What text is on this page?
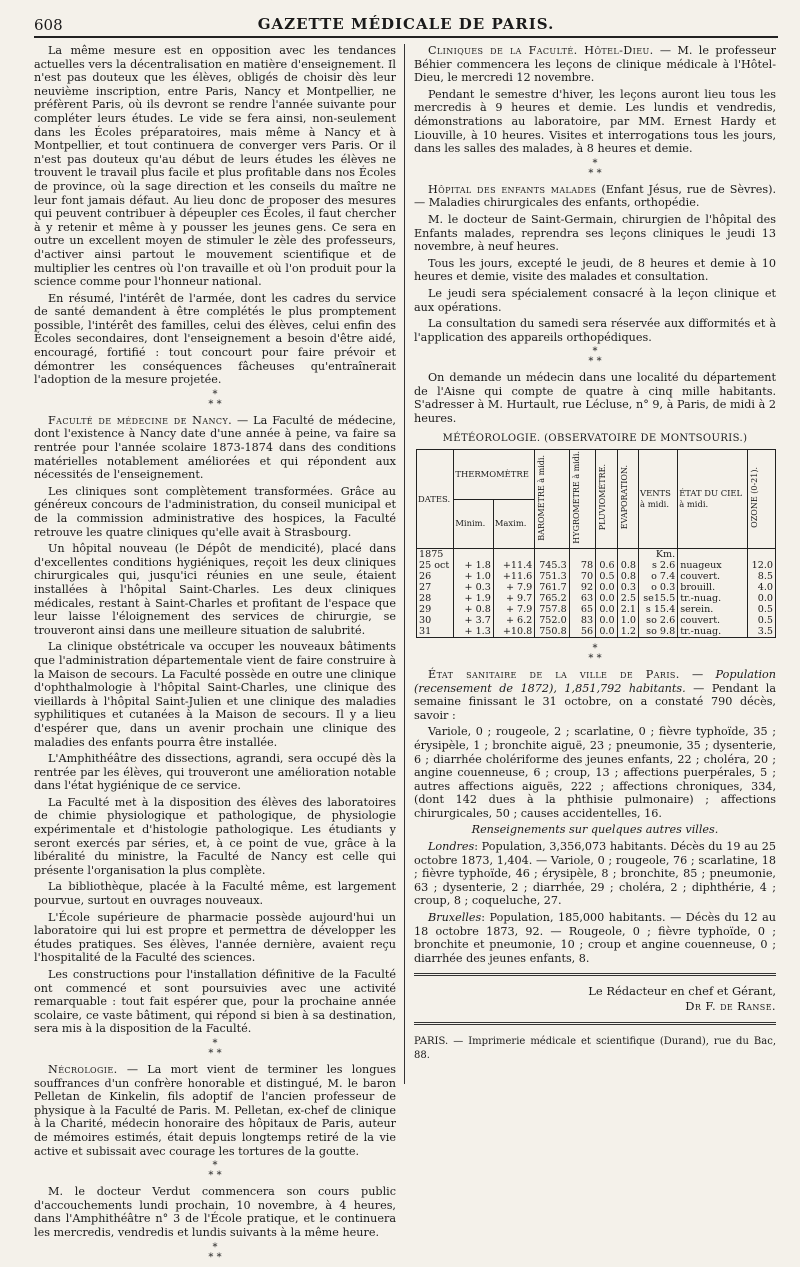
608	GAZETTE MÉDICALE DE PARIS.

La même mesure est en opposition avec les tendances actuelles vers la décentralisation en matière d'enseignement. Il n'est pas douteux que les élèves, obligés de choisir dès leur neuvième inscription, entre Paris, Nancy et Montpellier, ne préfèrent Paris, où ils devront se rendre l'année suivante pour compléter leurs études. Le vide se fera ainsi, non-seulement dans les Écoles préparatoires, mais même à Nancy et à Montpellier, et tout continuera de converger vers Paris. Or il n'est pas douteux qu'au début de leurs études les élèves ne trouvent le travail plus facile et plus profitable dans nos Écoles de province, où la sage direction et les conseils du maître ne leur font jamais défaut. Au lieu donc de proposer des mesures qui peuvent contribuer à dépeupler ces Écoles, il faut chercher à y retenir et même à y pousser les jeunes gens. Ce sera en outre un excellent moyen de stimuler le zèle des professeurs, d'activer ainsi partout le mouvement scientifique et de multiplier les centres où l'on travaille et où l'on produit pour la science comme pour l'honneur national.

En résumé, l'intérêt de l'armée, dont les cadres du service de santé demandent à être complétés le plus promptement possible, l'intérêt des familles, celui des élèves, celui enfin des Écoles secondaires, dont l'enseignement a besoin d'être aidé, encouragé, fortifié : tout concourt pour faire prévoir et démontrer les conséquences fâcheuses qu'entraînerait l'adoption de la mesure projetée.

*
* *

Faculté de médecine de Nancy. — La Faculté de médecine, dont l'existence à Nancy date d'une année à peine, va faire sa rentrée pour l'année scolaire 1873-1874 dans des conditions matérielles notablement améliorées et qui répondent aux nécessités de l'enseignement.

Les cliniques sont complètement transformées. Grâce au généreux concours de l'administration, du conseil municipal et de la commission administrative des hospices, la Faculté retrouve les quatre cliniques qu'elle avait à Strasbourg.

Un hôpital nouveau (le Dépôt de mendicité), placé dans d'excellentes conditions hygiéniques, reçoit les deux cliniques chirurgicales qui, jusqu'ici réunies en une seule, étaient installées à l'hôpital Saint-Charles. Les deux cliniques médicales, restant à Saint-Charles et profitant de l'espace que leur laisse l'éloignement des services de chirurgie, se trouveront ainsi dans une meilleure situation de salubrité.

La clinique obstétricale va occuper les nouveaux bâtiments que l'administration départementale vient de faire construire à la Maison de secours. La Faculté possède en outre une clinique d'ophthalmologie à l'hôpital Saint-Charles, une clinique des vieillards à l'hôpital Saint-Julien et une clinique des maladies syphilitiques et cutanées à la Maison de secours. Il y a lieu d'espérer que, dans un avenir prochain une clinique des maladies des enfants pourra être installée.

L'Amphithéâtre des dissections, agrandi, sera occupé dès la rentrée par les élèves, qui trouveront une amélioration notable dans l'état hygiénique de ce service.

La Faculté met à la disposition des élèves des laboratoires de chimie physiologique et pathologique, de physiologie expérimentale et d'histologie pathologique. Les étudiants y seront exercés par séries, et, à ce point de vue, grâce à la libéralité du ministre, la Faculté de Nancy est celle qui présente l'organisation la plus complète.

La bibliothèque, placée à la Faculté même, est largement pourvue, surtout en ouvrages nouveaux.

L'École supérieure de pharmacie possède aujourd'hui un laboratoire qui lui est propre et permettra de développer les études pratiques. Ses élèves, l'année dernière, avaient reçu l'hospitalité de la Faculté des sciences.

Les constructions pour l'installation définitive de la Faculté ont commencé et sont poursuivies avec une activité remarquable : tout fait espérer que, pour la prochaine année scolaire, ce vaste bâtiment, qui répond si bien à sa destination, sera mis à la disposition de la Faculté.

*
* *

Nécrologie. — La mort vient de terminer les longues souffrances d'un confrère honorable et distingué, M. le baron Pelletan de Kinkelin, fils adoptif de l'ancien professeur de physique à la Faculté de Paris. M. Pelletan, ex-chef de clinique à la Charité, médecin honoraire des hôpitaux de Paris, auteur de mémoires estimés, était depuis longtemps retiré de la vie active et subissait avec courage les tortures de la goutte.

*
* *

M. le docteur Verdut commencera son cours public d'accouchements lundi prochain, 10 novembre, à 4 heures, dans l'Amphithéâtre n° 3 de l'École pratique, et le continuera les mercredis, vendredis et lundis suivants à la même heure.

*
* *

Cliniques de la Faculté. Hôtel-Dieu. — M. le professeur Béhier commencera les leçons de clinique médicale à l'Hôtel-Dieu, le mercredi 12 novembre.

Pendant le semestre d'hiver, les leçons auront lieu tous les mercredis à 9 heures et demie. Les lundis et vendredis, démonstrations au laboratoire, par MM. Ernest Hardy et Liouville, à 10 heures. Visites et interrogations tous les jours, dans les salles des malades, à 8 heures et demie.

*
* *

Hôpital des enfants malades (Enfant Jésus, rue de Sèvres). — Maladies chirurgicales des enfants, orthopédie.

M. le docteur de Saint-Germain, chirurgien de l'hôpital des Enfants malades, reprendra ses leçons cliniques le jeudi 13 novembre, à neuf heures.

Tous les jours, excepté le jeudi, de 8 heures et demie à 10 heures et demie, visite des malades et consultation.

Le jeudi sera spécialement consacré à la leçon clinique et aux opérations.

La consultation du samedi sera réservée aux difformités et à l'application des appareils orthopédiques.

*
* *

On demande un médecin dans une localité du département de l'Aisne qui compte de quatre à cinq mille habitants. S'adresser à M. Hurtault, rue Lécluse, n° 9, à Paris, de midi à 2 heures.

MÉTÉOROLOGIE. (OBSERVATOIRE DE MONTSOURIS.)
DATES.	THERMOMÈTRE		BAROMÈTRE à midi.	HYGROMÈTRE à midi.	PLUVIOMÈTRE.	ÉVAPORATION.	VENTS
à midi.	ÉTAT DU CIEL
à midi.	OZONE (0-21).
	Minim.	Maxim.							
1875							Km.		
25 oct	+ 1.8	+11.4	745.3	78	0.6	0.8	s 2.6	nuageux	12.0
26	+ 1.0	+11.6	751.3	70	0.5	0.8	o 7.4	couvert.	8.5
27	+ 0.3	+ 7.9	761.7	92	0.0	0.3	o 0.3	brouill.	4.0
28	+ 1.9	+ 9.7	765.2	63	0.0	2.5	se15.5	tr.-nuag.	0.0
29	+ 0.8	+ 7.9	757.8	65	0.0	2.1	s 15.4	serein.	0.5
30	+ 3.7	+ 6.2	752.0	83	0.0	1.0	so 2.6	couvert.	0.5
31	+ 1.3	+10.8	750.8	56	0.0	1.2	so 9.8	tr.-nuag.	3.5
*
* *

État sanitaire de la ville de Paris. — Population (recensement de 1872), 1,851,792 habitants. — Pendant la semaine finissant le 31 octobre, on a constaté 790 décès, savoir :

Variole, 0 ; rougeole, 2 ; scarlatine, 0 ; fièvre typhoïde, 35 ; érysipèle, 1 ; bronchite aiguë, 23 ; pneumonie, 35 ; dysenterie, 6 ; diarrhée cholériforme des jeunes enfants, 22 ; choléra, 20 ; angine couenneuse, 6 ; croup, 13 ; affections puerpérales, 5 ; autres affections aiguës, 222 ; affections chroniques, 334, (dont 142 dues à la phthisie pulmonaire) ; affections chirurgicales, 50 ; causes accidentelles, 16.

Renseignements sur quelques autres villes.

Londres: Population, 3,356,073 habitants. Décès du 19 au 25 octobre 1873, 1,404. — Variole, 0 ; rougeole, 76 ; scarlatine, 18 ; fièvre typhoïde, 46 ; érysipèle, 8 ; bronchite, 85 ; pneumonie, 63 ; dysenterie, 2 ; diarrhée, 29 ; choléra, 2 ; diphthérie, 4 ; croup, 8 ; coqueluche, 27.

Bruxelles: Population, 185,000 habitants. — Décès du 12 au 18 octobre 1873, 92. — Rougeole, 0 ; fièvre typhoïde, 0 ; bronchite et pneumonie, 10 ; croup et angine couenneuse, 0 ; diarrhée des jeunes enfants, 8.

Le Rédacteur en chef et Gérant,
Dr F. de Ranse.

PARIS. — Imprimerie médicale et scientifique (Durand), rue du Bac, 88.
